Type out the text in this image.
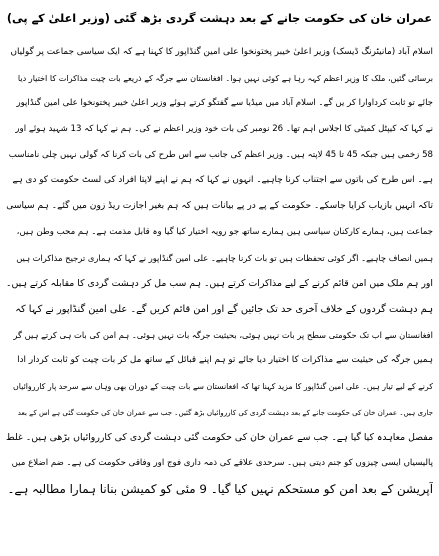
عمران خان کی حکومت جانے کے بعد دہشت گردی بڑھ گئی (وزیر اعلیٰ کے پی)
اسلام آباد (مانیٹرنگ ڈیسک) وزیر اعلیٰ خیبر پختونخوا علی امین گنڈاپور کا کہنا ہے کہ ایک سیاسی جماعت پر گولیاں
برسائی گئیں، ملک کا وزیر اعظم کہہ رہا ہے کوئی نہیں ہوا۔ افغانستان سے جرگہ کے ذریعے بات چیت مذاکرات کا اختیار دیا
جائے تو ثابت کرداوارا کر یں گے۔ اسلام آباد میں میڈیا سے گفتگو کرتے ہوئے وزیر اعلیٰ خیبر پختونخوا علی امین گنڈاپور
نے کہا کہ کیپٹل کمیٹی کا اجلاس اہم تھا۔ 26 نومبر کی بات خود وزیر اعظم نے کی۔ ہم نے کہا کہ 13 شہید ہوئے اور
58 زخمی ہیں جبکہ 45 تا 45 لاپتہ ہیں۔ وزیر اعظم کی جانب سے اس طرح کی بات کرنا کہ گولی نہیں چلی نامناسب
ہے۔ اس طرح کی باتوں سے اجتناب کرنا چاہیے۔ انہوں نے کہا کہ ہم نے اپنے لاپتا افراد کی لسٹ حکومت کو دی ہے
تاکہ انہیں بازیاب کرایا جاسکے۔ حکومت کے پے در پے بیانات ہیں کہ ہم بغیر اجازت ریڈ زون میں گئے۔ ہم سیاسی
جماعت ہیں، ہمارے کارکنان سیاسی ہیں ہمارے ساتھ جو رویہ اختیار کیا گیا وہ قابل مذمت ہے۔ ہم محب وطن ہیں،
ہمیں انصاف چاہیے۔ اگر کوئی تحفظات ہیں تو بات کرنا چاہیے۔ علی امین گنڈاپور نے کہا کہ ہماری ترجیح مذاکرات ہیں
اور ہم ملک میں امن قائم کرنے کے لیے مذاکرات کرتے ہیں۔ ہم سب مل کر دہشت گردی کا مقابلہ کرتے ہیں۔
ہم دہشت گردوں کے خلاف آخری حد تک جائیں گے اور امن قائم کریں گے۔ علی امین گنڈاپور نے کہا کہ
افغانستان سے اب تک حکومتی سطح پر بات نہیں ہوئی، بحیثیت جرگہ بات نہیں ہوئی۔ ہم امن کی بات ہی کرتے ہیں گر
ہمیں جرگہ کی حیثیت سے مذاکرات کا اختیار دیا جائے تو ہم اپنے قبائل کے ساتھ مل کر بات چیت کو ثابت کردار ادا
کرنے کے لیے تیار ہیں۔ علی امین گنڈاپور کا مزید کہنا تھا کہ افغانستان سے بات چیت کے دوران بھی وہاں سے سرحد پار کارروائیاں
جاری ہیں۔ عمران خان کی حکومت جانے کے بعد دہشت گردی کی کارروائیاں بڑھ گئیں۔ جب سے عمران خان کی حکومت گئی ہے اس کے بعد
مفصل معاہدہ کیا گیا ہے۔ جب سے عمران خان کی حکومت گئی دہشت گردی کی کارروائیاں بڑھی ہیں۔ غلط
پالیسیاں ایسی چیزوں کو جنم دیتی ہیں۔ سرحدی علاقے کی ذمہ داری فوج اور وفاقی حکومت کی ہے۔ ضم اضلاع میں
آپریشن کے بعد امن کو مستحکم نہیں کیا گیا۔ 9 مئی کو کمیشن بنانا ہمارا مطالبہ ہے۔
